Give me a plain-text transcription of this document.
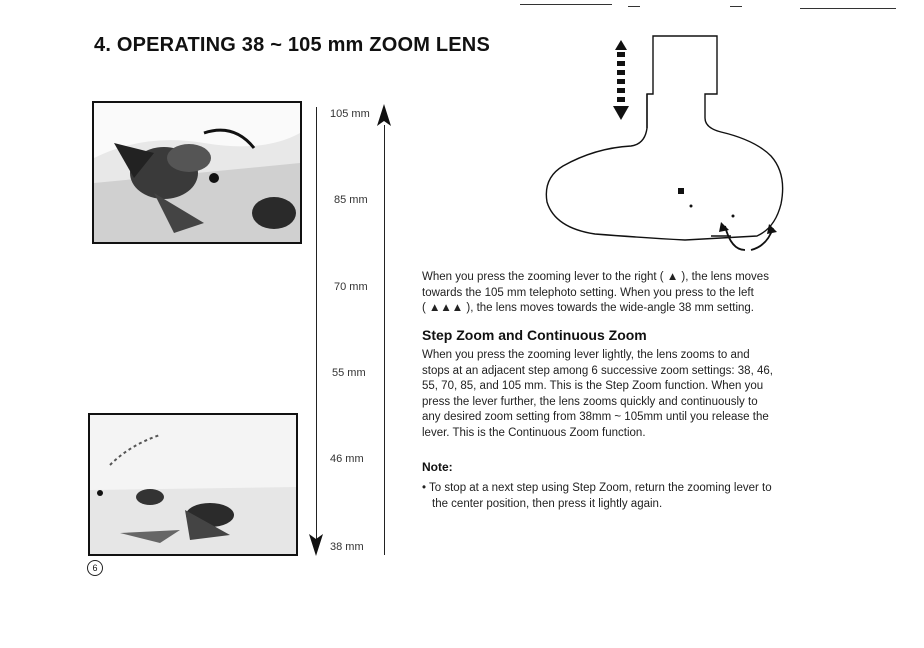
4. OPERATING 38 ~ 105 mm ZOOM LENS
105 mm
85 mm
70 mm
55 mm
46 mm
38 mm
When you press the zooming lever to the right ( ▲ ), the lens moves
towards the 105 mm telephoto setting. When you press to the left
( ▲▲▲ ), the lens moves towards the wide-angle 38 mm setting.
Step Zoom and Continuous Zoom
When you press the zooming lever lightly, the lens zooms to and
stops at an adjacent step among 6 successive zoom settings: 38, 46,
55, 70, 85, and 105 mm. This is the Step Zoom function. When you
press the lever further, the lens zooms quickly and continuously to
any desired zoom setting from 38mm ~ 105mm until you release the
lever. This is the Continuous Zoom function.
Note:
• To stop at a next step using Step Zoom, return the zooming lever to
the center position, then press it lightly again.
6
